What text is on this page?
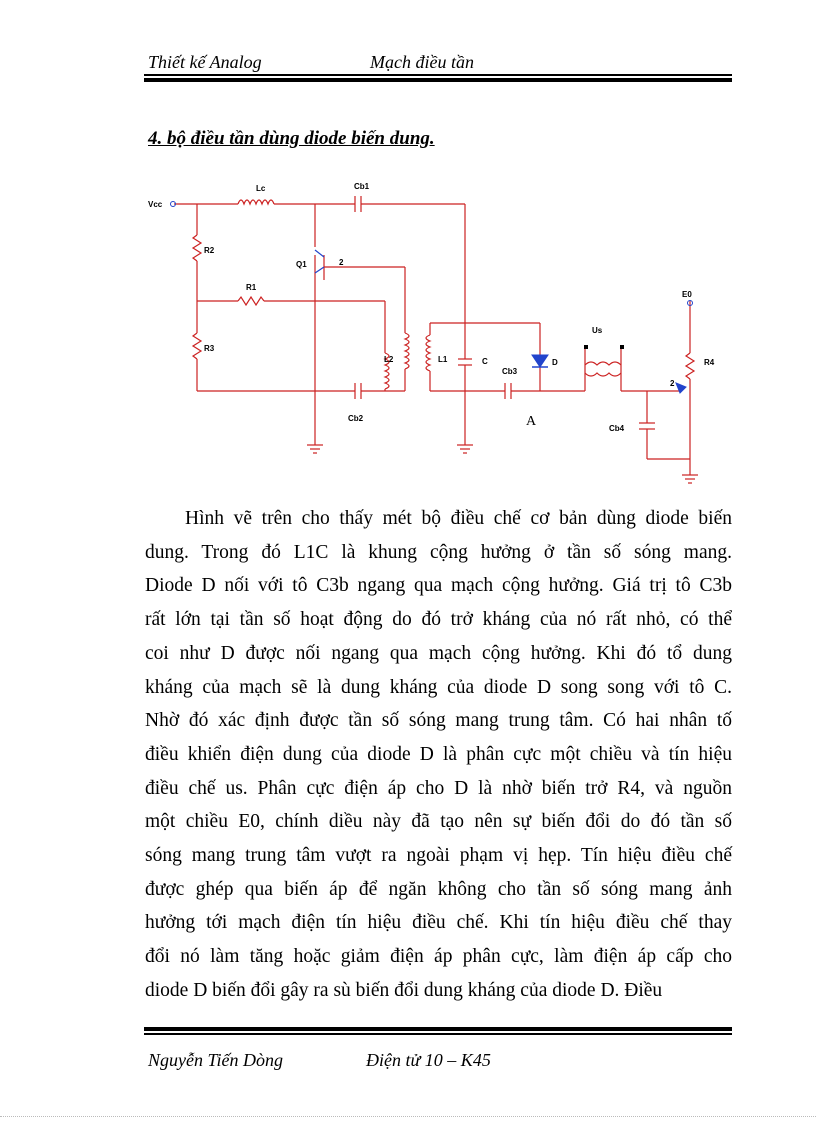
Thiết kế Analog	Mạch điều tần
4. bộ điều tần dùng diode biến dung.
Vcc
Lc	Cb1
R2
Q1	2
R1
R3
L2	L1	C
Cb3
D
Us
E0
R4
2
Cb2
Cb4
A
Hình vẽ trên cho thấy mét bộ điều chế cơ bản dùng diode biến
dung. Trong đó L1C là khung cộng hưởng ở tần số sóng mang.
Diode D nối với tô C3b ngang qua mạch cộng hưởng. Giá trị tô C3b
rất lớn tại tần số hoạt động do đó trở kháng của nó rất nhỏ, có thể
coi như D được nối ngang qua mạch cộng hưởng. Khi đó tổ dung
kháng của mạch sẽ là dung kháng của diode D song song với tô C.
Nhờ đó xác định được tần số sóng mang trung tâm. Có hai nhân tố
điều khiển điện dung của diode D là phân cực một chiều và tín hiệu
điều chế us. Phân cực điện áp cho D là nhờ biến trở R4, và nguồn
một chiều E0, chính diều này đã tạo nên sự biến đổi do đó tần số
sóng mang trung tâm vượt ra ngoài phạm vị hẹp. Tín hiệu điều chế
được ghép qua biến áp để ngăn không cho tần số sóng mang ảnh
hưởng tới mạch điện tín hiệu điều chế. Khi tín hiệu điều chế thay
đổi nó làm tăng hoặc giảm điện áp phân cực, làm điện áp cấp cho
diode D biến đổi gây ra sù biến đổi dung kháng của diode D. Điều
Nguyễn Tiến Dòng	Điện tử 10 – K45
